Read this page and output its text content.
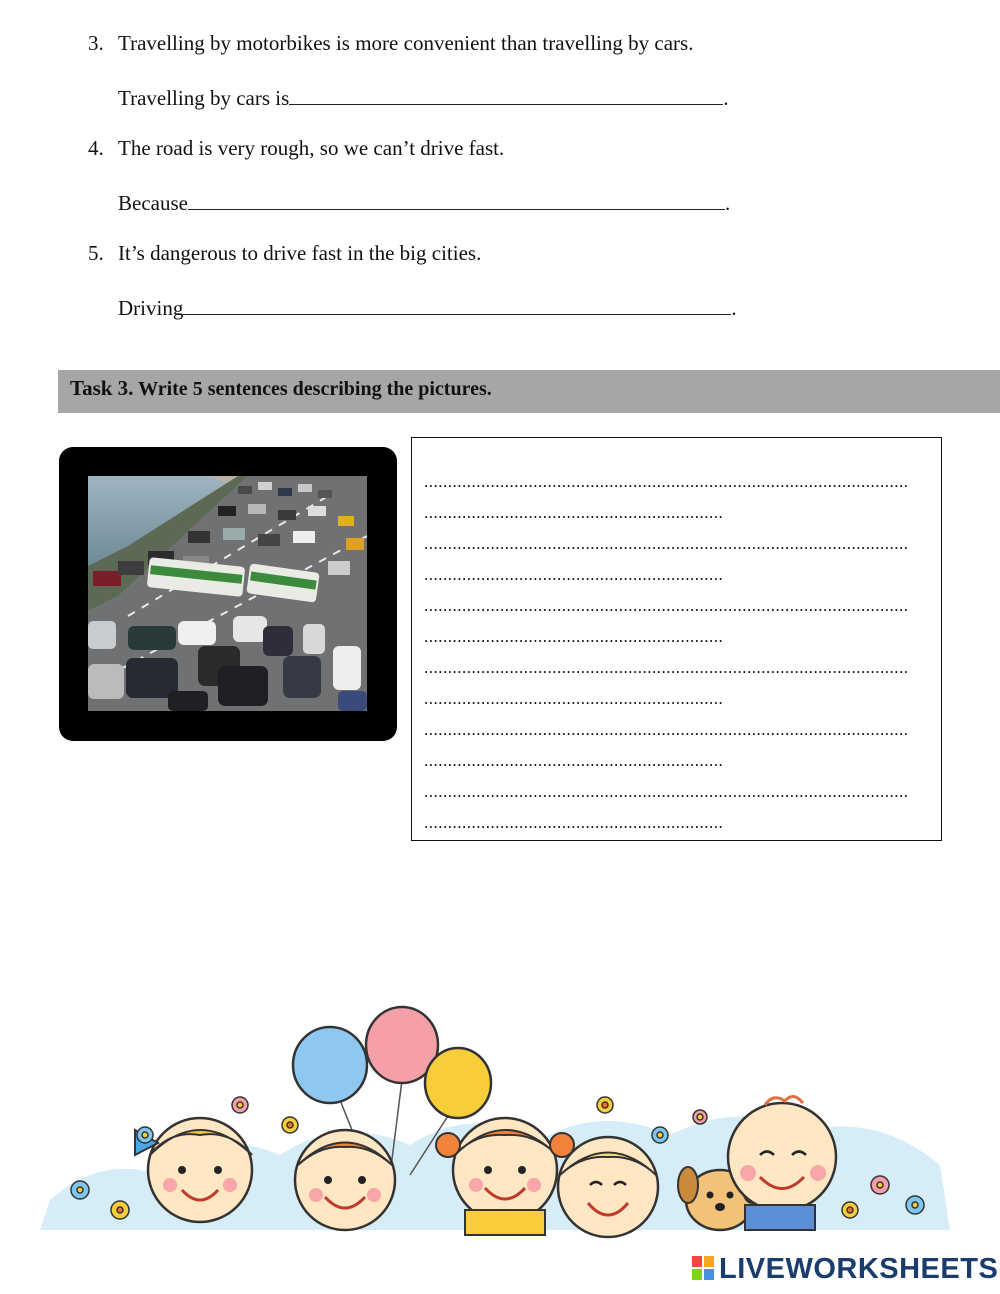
3. Travelling by motorbikes is more convenient than travelling by cars.
Travelling by cars is	.
4. The road is very rough, so we can’t drive fast.
Because	.
5. It’s dangerous to drive fast in the big cities.
Driving	.
Task 3. Write 5 sentences describing the pictures.
......................................................................................................
...............................................................
......................................................................................................
...............................................................
......................................................................................................
...............................................................
......................................................................................................
...............................................................
......................................................................................................
...............................................................
......................................................................................................
...............................................................
LIVEWORKSHEETS
